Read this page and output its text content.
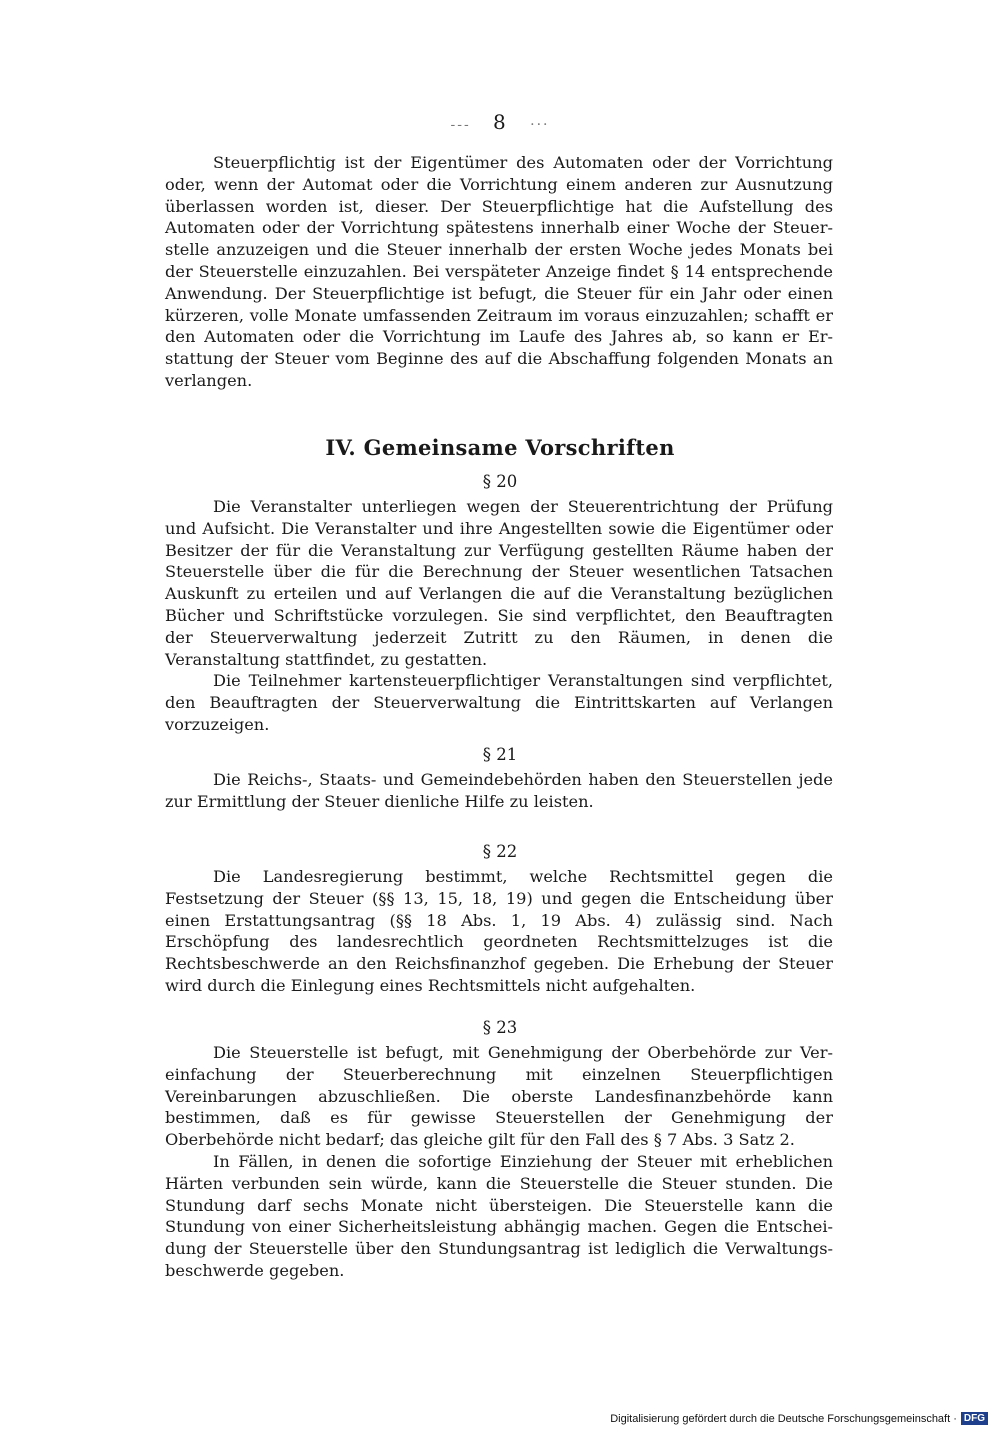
--- 8 ···

Steuerpflichtig ist der Eigentümer des Automaten oder der Vorrichtung oder, wenn der Automat oder die Vorrichtung einem anderen zur Ausnutzung überlassen worden ist, dieser. Der Steuerpflichtige hat die Aufstellung des Automaten oder der Vorrichtung spätestens innerhalb einer Woche der Steuerstelle anzuzeigen und die Steuer innerhalb der ersten Woche jedes Monats bei der Steuerstelle einzuzahlen. Bei verspäteter Anzeige findet § 14 entsprechende Anwendung. Der Steuerpflichtige ist befugt, die Steuer für ein Jahr oder einen kürzeren, volle Monate umfassenden Zeitraum im voraus einzuzahlen; schafft er den Automaten oder die Vorrichtung im Laufe des Jahres ab, so kann er Erstattung der Steuer vom Beginne des auf die Abschaffung folgenden Monats an verlangen.

IV. Gemeinsame Vorschriften
§ 20

Die Veranstalter unterliegen wegen der Steuerentrichtung der Prüfung und Aufsicht. Die Veranstalter und ihre Angestellten sowie die Eigentümer oder Besitzer der für die Veranstaltung zur Verfügung gestellten Räume haben der Steuerstelle über die für die Berechnung der Steuer wesentlichen Tatsachen Auskunft zu erteilen und auf Verlangen die auf die Veranstaltung bezüglichen Bücher und Schriftstücke vorzulegen. Sie sind verpflichtet, den Beauftragten der Steuerverwaltung jederzeit Zutritt zu den Räumen, in denen die Veranstaltung stattfindet, zu gestatten.

Die Teilnehmer kartensteuerpflichtiger Veranstaltungen sind verpflichtet, den Beauftragten der Steuerverwaltung die Eintrittskarten auf Verlangen vorzuzeigen.

§ 21

Die Reichs-, Staats- und Gemeindebehörden haben den Steuerstellen jede zur Ermittlung der Steuer dienliche Hilfe zu leisten.

§ 22

Die Landesregierung bestimmt, welche Rechtsmittel gegen die Festsetzung der Steuer (§§ 13, 15, 18, 19) und gegen die Entscheidung über einen Erstattungsantrag (§§ 18 Abs. 1, 19 Abs. 4) zulässig sind. Nach Erschöpfung des landesrechtlich geordneten Rechtsmittelzuges ist die Rechtsbeschwerde an den Reichsfinanzhof gegeben. Die Erhebung der Steuer wird durch die Einlegung eines Rechtsmittels nicht aufgehalten.

§ 23

Die Steuerstelle ist befugt, mit Genehmigung der Oberbehörde zur Vereinfachung der Steuerberechnung mit einzelnen Steuerpflichtigen Vereinbarungen abzuschließen. Die oberste Landesfinanzbehörde kann bestimmen, daß es für gewisse Steuerstellen der Genehmigung der Oberbehörde nicht bedarf; das gleiche gilt für den Fall des § 7 Abs. 3 Satz 2.

In Fällen, in denen die sofortige Einziehung der Steuer mit erheblichen Härten verbunden sein würde, kann die Steuerstelle die Steuer stunden. Die Stundung darf sechs Monate nicht übersteigen. Die Steuerstelle kann die Stundung von einer Sicherheitsleistung abhängig machen. Gegen die Entscheidung der Steuerstelle über den Stundungsantrag ist lediglich die Verwaltungsbeschwerde gegeben.

Digitalisierung gefördert durch die Deutsche Forschungsgemeinschaft · DFG
